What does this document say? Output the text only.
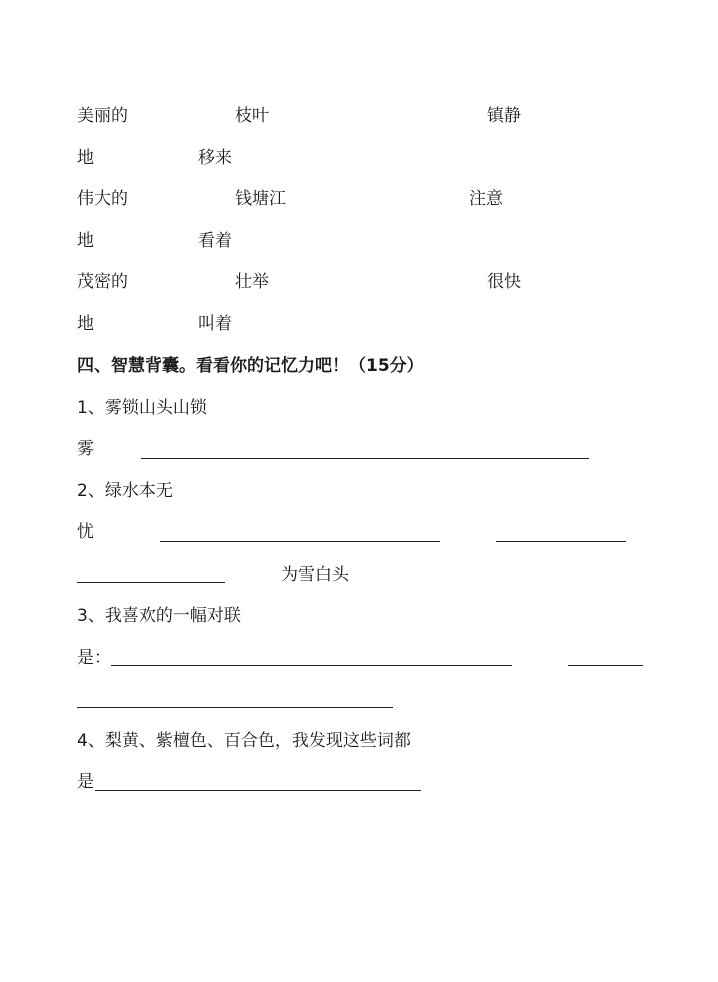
美丽的	枝叶	镇静
地	移来
伟大的	钱塘江	注意
地	看着
茂密的	壮举	很快
地	叫着
四、智慧背囊。看看你的记忆力吧！（15分）
1、雾锁山头山锁
雾
2、绿水本无
忧
为雪白头
3、我喜欢的一幅对联
是：
4、梨黄、紫檀色、百合色，我发现这些词都
是
